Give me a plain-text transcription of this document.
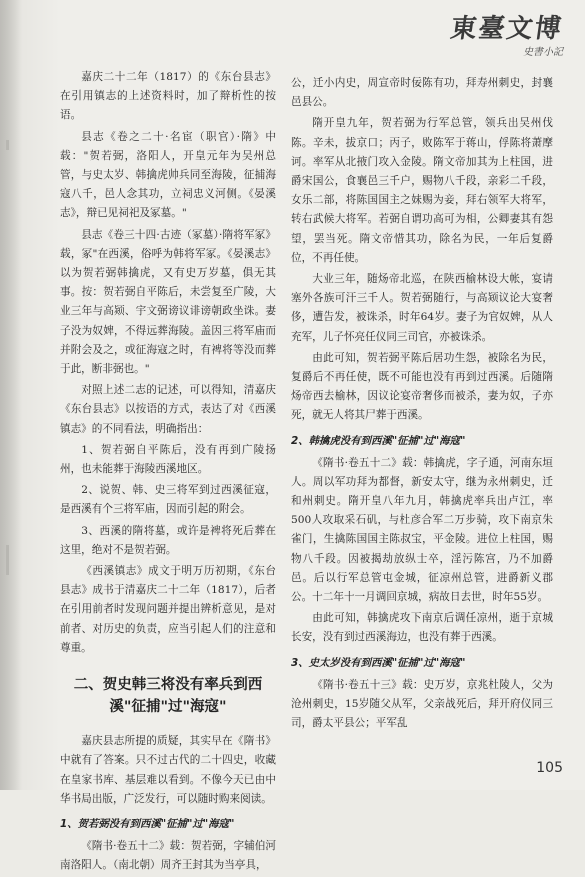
東臺文博
史書小記

嘉庆二十二年（1817）的《东台县志》在引用镇志的上述资料时，加了辩析性的按语。

县志《卷之二十·名宦（职官）·隋》中载："贺若弼，洛阳人，开皇元年为吴州总管，与史太岁、韩擒虎帅兵同至海陵，征捕海寇八千，邑人念其功，立祠忠义河侧。《晏溪志》，辩已见祠祀及冢墓。"

县志《卷三十四·古迹（冢墓）·隋将军冢》载，冢"在西溪，俗呼为韩将军冢。《晏溪志》以为贺若弼韩擒虎，又有史万岁墓，俱无其事。按：贺若弼自平陈后，未尝复至广陵，大业三年与高颎、宇文弼谤议诽谤朝政坐诛。妻子没为奴婢，不得远葬海陵。盖因三将军庙而并附会及之，或征海寇之时，有裨将等没而葬于此，断非弼也。"

对照上述二志的记述，可以得知，清嘉庆《东台县志》以按语的方式，表达了对《西溪镇志》的不同看法，明确指出：

1、贺若弼自平陈后，没有再到广陵扬州，也未能葬于海陵西溪地区。

2、说贺、韩、史三将军到过西溪征寇，是西溪有个三将军庙，因而引起的附会。

3、西溪的隋将墓，或许是裨将死后葬在这里，绝对不是贺若弼。

《西溪镇志》成文于明万历初期，《东台县志》成书于清嘉庆二十二年（1817），后者在引用前者时发现问题并提出辨析意见，是对前者、对历史的负责，应当引起人们的注意和尊重。

二、贺史韩三将没有率兵到西溪"征捕"过"海寇"

嘉庆县志所提的质疑，其实早在《隋书》中就有了答案。只不过古代的二十四史，收藏在皇家书库、基层难以看到。不像今天已由中华书局出版，广泛发行，可以随时购来阅读。

1、贺若弼没有到西溪"征捕"过"海寇"

《隋书·卷五十二》载：贺若弼，字辅伯河南洛阳人。（南北朝）周齐王封其为当亭具，

公，迁小内史，周宣帝时佞陈有功，拜寿州刺史，封襄邑县公。

隋开皇九年，贺若弼为行军总管，领兵出吴州伐陈。辛未，拔京口；丙子，败陈军于蒋山，俘陈将萧摩诃。率军从北掖门攻入金陵。隋文帝加其为上柱国，进爵宋国公，食襄邑三千户，赐物八千段，亲彩二千段，女乐二部，将陈国国主之妹赐为妾，拜右领军大将军，转右武候大将军。若弼自谓功高可为相，公卿妻其有怨望，罢当死。隋文帝惜其功，除名为民，一年后复爵位，不再任使。

大业三年，随炀帝北巡，在陕西榆林设大帐，宴请塞外各族可汗三千人。贺若弼随行，与高颎议论大宴奢侈，遭告发，被诛杀，时年64岁。妻子为官奴婢，从人充军，儿子怀亮任仪同三司官，亦被诛杀。

由此可知，贺若弼平陈后居功生怨，被除名为民，复爵后不再任使，既不可能也没有再到过西溪。后随隋炀帝西去榆林，因议论宴帝奢侈而被杀，妻为奴，子亦死，就无人将其尸葬于西溪。

2、韩擒虎没有到西溪"征捕"过"海寇"

《隋书·卷五十二》载：韩擒虎，字子通，河南东垣人。周以军功拜为都督，新安太守，继为永州刺史，迁和州刺史。隋开皇八年九月，韩擒虎率兵出卢江，率500人攻取采石矶，与杜彦合军二万步骑，攻下南京朱雀门，生擒陈国国主陈叔宝，平金陵。进位上柱国，赐物八千段。因被揭劫放纵士卒，淫污陈宫，乃不加爵邑。后以行军总管屯金城，征凉州总管，进爵新义郡公。十二年十一月调回京城，病故日去世，时年55岁。

由此可知，韩擒虎攻下南京后调任凉州，逝于京城长安，没有到过西溪海边，也没有葬于西溪。

3、史太岁没有到西溪"征捕"过"海寇"

《隋书·卷五十三》载：史万岁，京兆杜陵人，父为沧州刺史，15岁随父从军，父亲战死后，拜开府仪同三司，爵太平县公；平军乱

105
